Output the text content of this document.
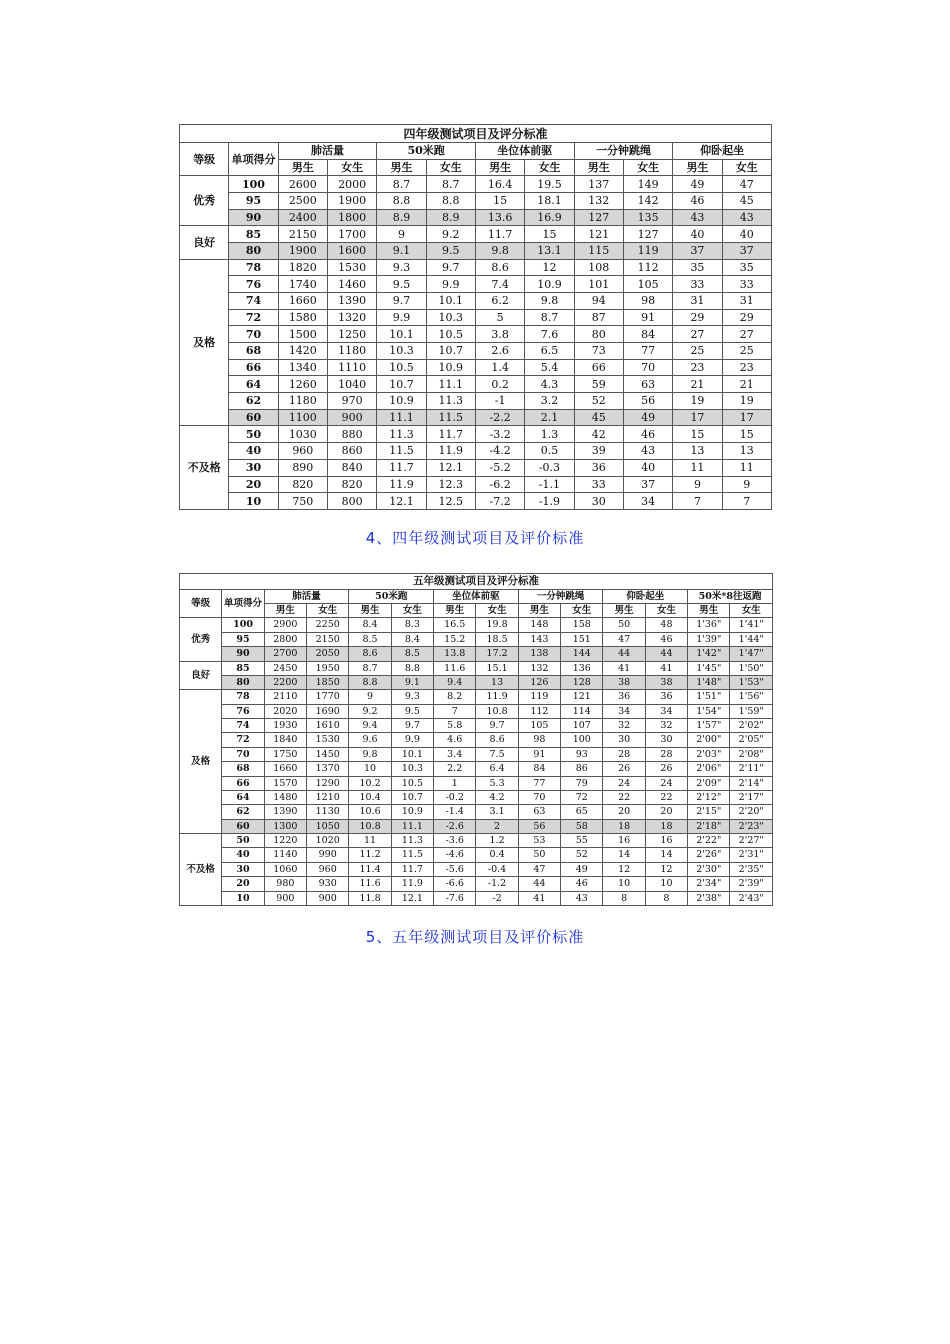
四年级测试项目及评分标准											
等级	单项得分	肺活量		50米跑		坐位体前驱		一分钟跳绳		仰卧起坐	
		男生	女生	男生	女生	男生	女生	男生	女生	男生	女生
优秀	100	2600	2000	8.7	8.7	16.4	19.5	137	149	49	47
	95	2500	1900	8.8	8.8	15	18.1	132	142	46	45
	90	2400	1800	8.9	8.9	13.6	16.9	127	135	43	43
良好	85	2150	1700	9	9.2	11.7	15	121	127	40	40
	80	1900	1600	9.1	9.5	9.8	13.1	115	119	37	37
及格	78	1820	1530	9.3	9.7	8.6	12	108	112	35	35
	76	1740	1460	9.5	9.9	7.4	10.9	101	105	33	33
	74	1660	1390	9.7	10.1	6.2	9.8	94	98	31	31
	72	1580	1320	9.9	10.3	5	8.7	87	91	29	29
	70	1500	1250	10.1	10.5	3.8	7.6	80	84	27	27
	68	1420	1180	10.3	10.7	2.6	6.5	73	77	25	25
	66	1340	1110	10.5	10.9	1.4	5.4	66	70	23	23
	64	1260	1040	10.7	11.1	0.2	4.3	59	63	21	21
	62	1180	970	10.9	11.3	-1	3.2	52	56	19	19
	60	1100	900	11.1	11.5	-2.2	2.1	45	49	17	17
不及格	50	1030	880	11.3	11.7	-3.2	1.3	42	46	15	15
	40	960	860	11.5	11.9	-4.2	0.5	39	43	13	13
	30	890	840	11.7	12.1	-5.2	-0.3	36	40	11	11
	20	820	820	11.9	12.3	-6.2	-1.1	33	37	9	9
	10	750	800	12.1	12.5	-7.2	-1.9	30	34	7	7
4、四年级测试项目及评价标准
五年级测试项目及评分标准													
等级	单项得分	肺活量		50米跑		坐位体前驱		一分钟跳绳		仰卧起坐		50米*8往返跑	
		男生	女生	男生	女生	男生	女生	男生	女生	男生	女生	男生	女生
优秀	100	2900	2250	8.4	8.3	16.5	19.8	148	158	50	48	1'36"	1'41"
	95	2800	2150	8.5	8.4	15.2	18.5	143	151	47	46	1'39"	1'44"
	90	2700	2050	8.6	8.5	13.8	17.2	138	144	44	44	1'42"	1'47"
良好	85	2450	1950	8.7	8.8	11.6	15.1	132	136	41	41	1'45"	1'50"
	80	2200	1850	8.8	9.1	9.4	13	126	128	38	38	1'48"	1'53"
及格	78	2110	1770	9	9.3	8.2	11.9	119	121	36	36	1'51"	1'56"
	76	2020	1690	9.2	9.5	7	10.8	112	114	34	34	1'54"	1'59"
	74	1930	1610	9.4	9.7	5.8	9.7	105	107	32	32	1'57"	2'02"
	72	1840	1530	9.6	9.9	4.6	8.6	98	100	30	30	2'00"	2'05"
	70	1750	1450	9.8	10.1	3.4	7.5	91	93	28	28	2'03"	2'08"
	68	1660	1370	10	10.3	2.2	6.4	84	86	26	26	2'06"	2'11"
	66	1570	1290	10.2	10.5	1	5.3	77	79	24	24	2'09"	2'14"
	64	1480	1210	10.4	10.7	-0.2	4.2	70	72	22	22	2'12"	2'17"
	62	1390	1130	10.6	10.9	-1.4	3.1	63	65	20	20	2'15"	2'20"
	60	1300	1050	10.8	11.1	-2.6	2	56	58	18	18	2'18"	2'23"
不及格	50	1220	1020	11	11.3	-3.6	1.2	53	55	16	16	2'22"	2'27"
	40	1140	990	11.2	11.5	-4.6	0.4	50	52	14	14	2'26"	2'31"
	30	1060	960	11.4	11.7	-5.6	-0.4	47	49	12	12	2'30"	2'35"
	20	980	930	11.6	11.9	-6.6	-1.2	44	46	10	10	2'34"	2'39"
	10	900	900	11.8	12.1	-7.6	-2	41	43	8	8	2'38"	2'43"
5、五年级测试项目及评价标准
